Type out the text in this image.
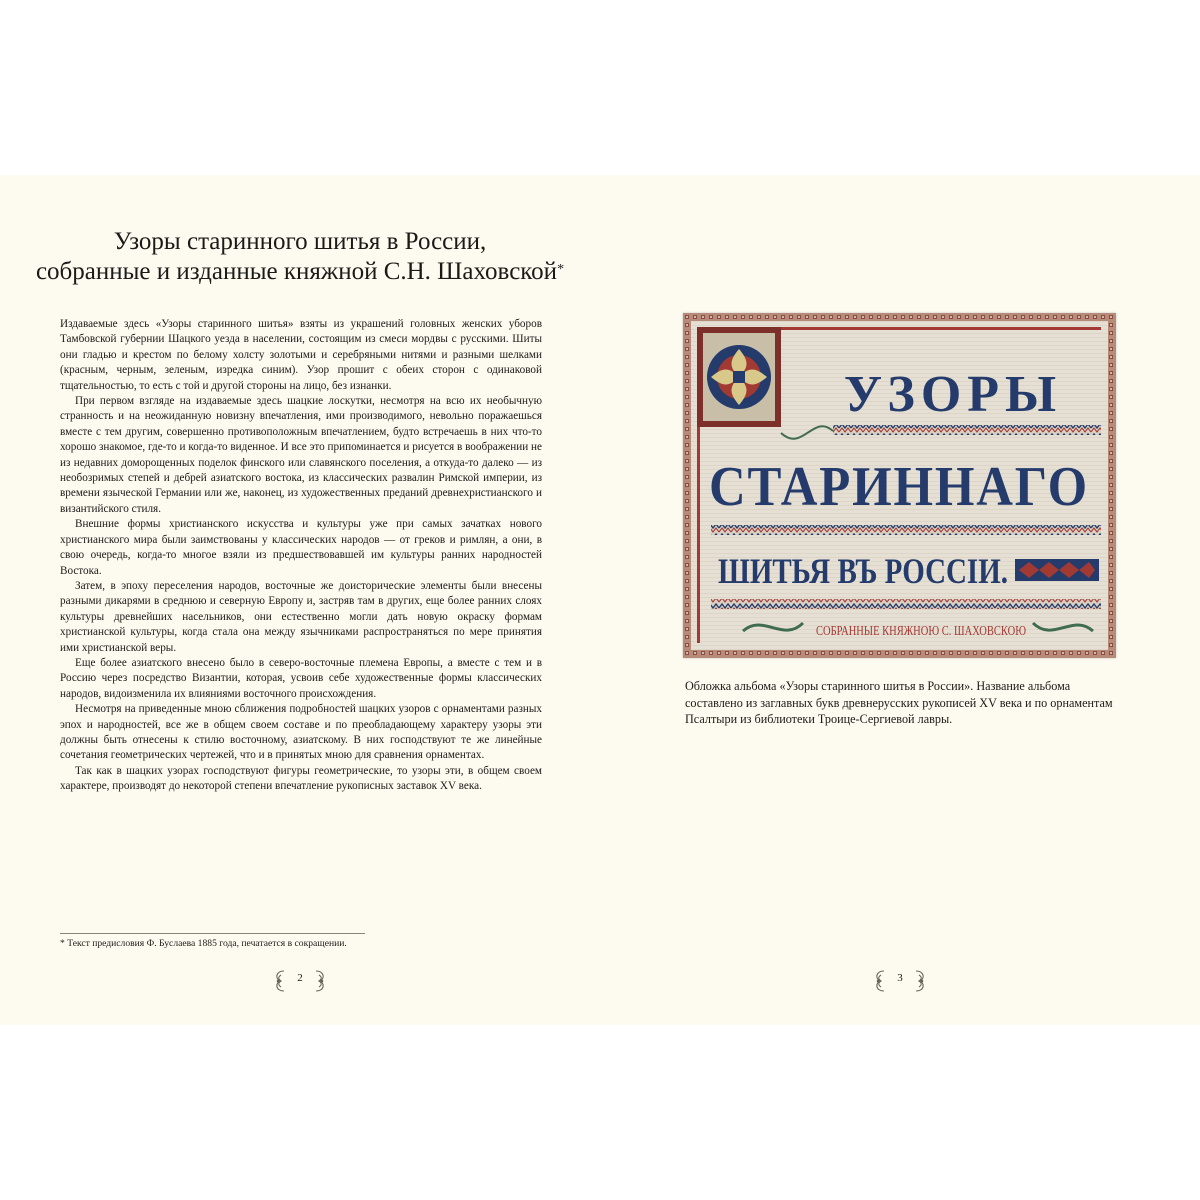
Узоры старинного шитья в России,
собранные и изданные княжной С.Н. Шаховской*

Издаваемые здесь «Узоры старинного шитья» взяты из украшений головных женских уборов Тамбовской губернии Шацкого уезда в населении, состоящим из смеси мордвы с русскими. Шиты они гладью и крестом по белому холсту золотыми и серебряными нитями и разными шелками (красным, черным, зеленым, изредка синим). Узор прошит с обеих сторон с одинаковой тщательностью, то есть с той и другой стороны на лицо, без изнанки.

При первом взгляде на издаваемые здесь шацкие лоскутки, несмотря на всю их необычную странность и на неожиданную новизну впечатления, ими производимого, невольно поражаешься вместе с тем другим, совершенно противоположным впечатлением, будто встречаешь в них что-то хорошо знакомое, где-то и когда-то виденное. И все это припоминается и рисуется в воображении не из недавних доморощенных поделок финского или славянского поселения, а откуда-то далеко — из необозримых степей и дебрей азиатского востока, из классических развалин Римской империи, из времени языческой Германии или же, наконец, из художественных преданий древнехристианского и византийского стиля.

Внешние формы христианского искусства и культуры уже при самых зачатках нового христианского мира были заимствованы у классических народов — от греков и римлян, а они, в свою очередь, когда-то многое взяли из предшествовавшей им культуры ранних народностей Востока.

Затем, в эпоху переселения народов, восточные же доисторические элементы были внесены разными дикарями в среднюю и северную Европу и, застряв там в других, еще более ранних слоях культуры древнейших насельников, они естественно могли дать новую окраску формам христианской культуры, когда стала она между язычниками распространяться по мере принятия ими христианской веры.

Еще более азиатского внесено было в северо-восточные племена Европы, а вместе с тем и в Россию через посредство Византии, которая, усвоив себе художественные формы классических народов, видоизменила их влияниями восточного происхождения.

Несмотря на приведенные мною сближения подробностей шацких узоров с орнаментами разных эпох и народностей, все же в общем своем составе и по преобладающему характеру узоры эти должны быть отнесены к стилю восточному, азиатскому. В них господствуют те же линейные сочетания геометрических чертежей, что и в принятых мною для сравнения орнаментах.

Так как в шацких узорах господствуют фигуры геометрические, то узоры эти, в общем своем характере, производят до некоторой степени впечатление рукописных заставок XV века.

* Текст предисловия Ф. Буслаева 1885 года, печатается в сокращении.
2
УЗОРЫ
СТАРИННАГО
ШИТЬЯ ВЪ РОССІИ.
СОБРАННЫЕ КНЯЖНОЮ С. ШАХОВСКОЮ
Обложка альбома «Узоры старинного шитья в России». Название альбома составлено из заглавных букв древнерусских рукописей XV века и по орнаментам Псалтыри из библиотеки Троице-Сергиевой лавры.
3
